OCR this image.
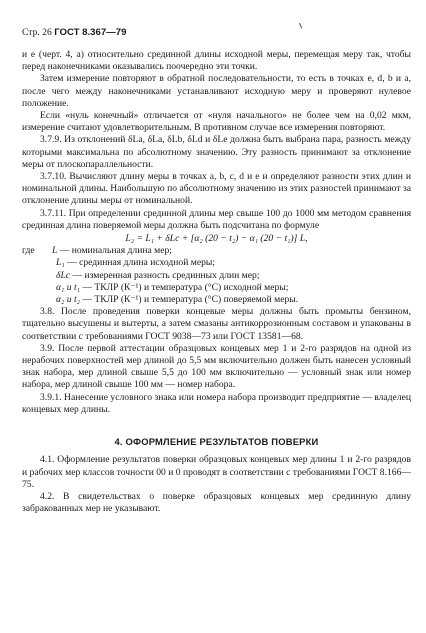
Стр. 26 ГОСТ 8.367—79

и е (черт. 4, а) относительно срединной длины исходной меры, перемещая меру так, чтобы перед наконечниками оказывались поочередно эти точки.

Затем измерение повторяют в обратной последовательности, то есть в точках е, d, b и а, после чего между наконечниками устанавливают исходную меру и проверяют нулевое положение.

Если «нуль конечный» отличается от «нуля начального» не более чем на 0,02 мкм, измерение считают удовлетворительным. В противном случае все измерения повторяют.

3.7.9. Из отклонений δLa, δLa, δLb, δLd и δLe должна быть выбрана пара, разность между которыми максимальна по абсолютному значению. Эту разность принимают за отклонение меры от плоскопараллельности.

3.7.10. Вычисляют длину меры в точках а, b, c, d и e и определяют разности этих длин и номинальной длины. Наибольшую по абсолютному значению из этих разностей принимают за отклонение длины меры от номинальной.

3.7.11. При определении срединной длины мер свыше 100 до 1000 мм методом сравнения срединная длина поверяемой меры должна быть подсчитана по формуле

L₂ = L₁ + δLc + [α₂ (20 − t₂) − α₁ (20 − t₁)] L,

где	L — номинальная длина мер;
L₁ — срединная длина исходной меры;
δLc — измеренная разность срединных длин мер;
α₁ и t₁ — ТКЛР (К⁻¹) и температура (°С) исходной меры;
α₂ и t₂ — ТКЛР (К⁻¹) и температура (°С) поверяемой меры.

3.8. После проведения поверки концевые меры должны быть промыты бензином, тщательно высушены и вытерты, а затем смазаны антикоррозионным составом и упакованы в соответствии с требованиями ГОСТ 9038—73 или ГОСТ 13581—68.

3.9. После первой аттестации образцовых концевых мер 1 и 2-го разрядов на одной из нерабочих поверхностей мер длиной до 5,5 мм включительно должен быть нанесен условный знак набора, мер длиной свыше 5,5 до 100 мм включительно — условный знак или номер набора, мер длиной свыше 100 мм — номер набора.

3.9.1. Нанесение условного знака или номера набора производит предприятие — владелец концевых мер длины.

4. ОФОРМЛЕНИЕ РЕЗУЛЬТАТОВ ПОВЕРКИ

4.1. Оформление результатов поверки образцовых концевых мер длины 1 и 2-го разрядов и рабочих мер классов точности 00 и 0 проводят в соответствии с требованиями ГОСТ 8.166—75.

4.2. В свидетельствах о поверке образцовых концевых мер срединную длину забракованных мер не указывают.
